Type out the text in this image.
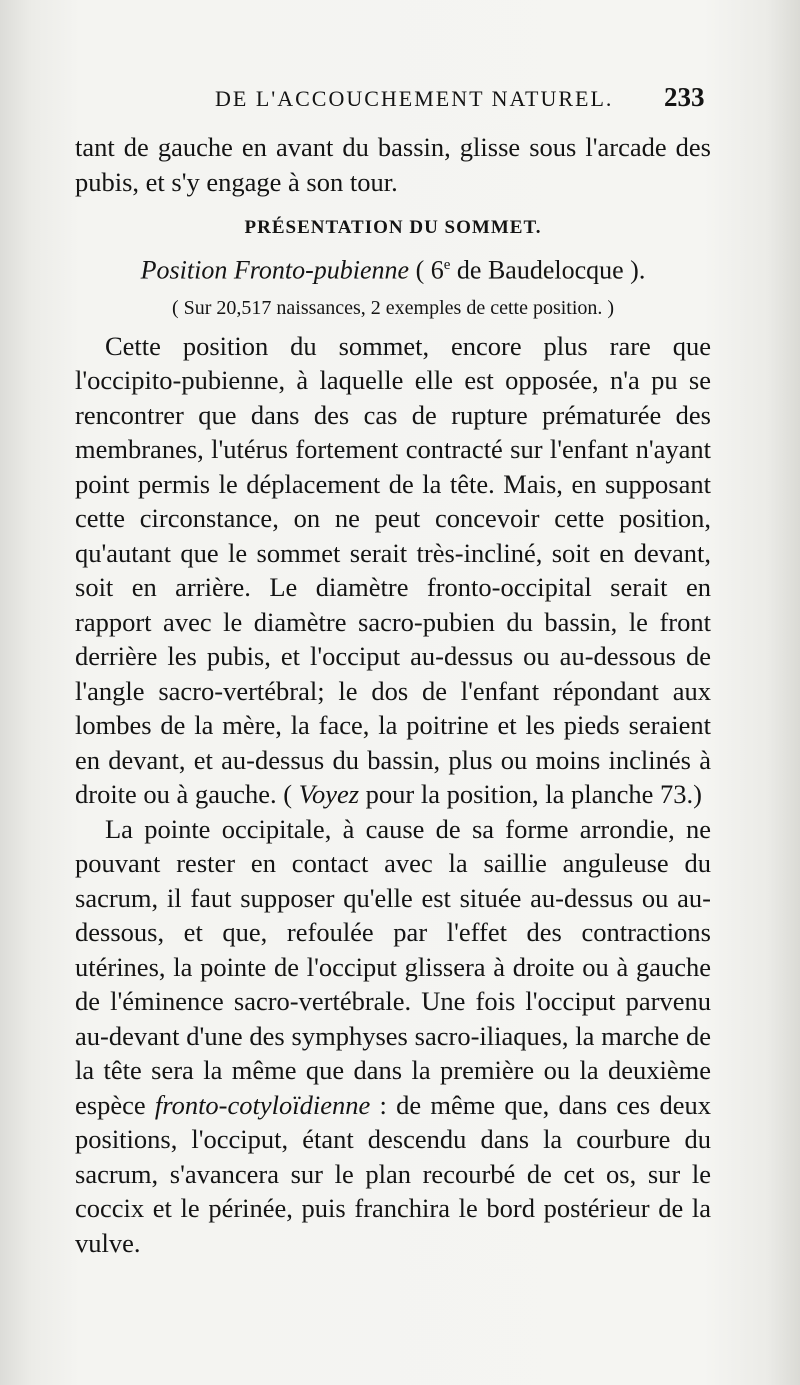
DE L'ACCOUCHEMENT NATUREL. 233

tant de gauche en avant du bassin, glisse sous l'arcade des pubis, et s'y engage à son tour.

PRÉSENTATION DU SOMMET.
Position Fronto-pubienne ( 6e de Baudelocque ).
( Sur 20,517 naissances, 2 exemples de cette position. )

Cette position du sommet, encore plus rare que l'occipito-pubienne, à laquelle elle est opposée, n'a pu se rencontrer que dans des cas de rupture prématurée des membranes, l'utérus fortement contracté sur l'enfant n'ayant point permis le déplacement de la tête. Mais, en supposant cette circonstance, on ne peut concevoir cette position, qu'autant que le sommet serait très-incliné, soit en devant, soit en arrière. Le diamètre fronto-occipital serait en rapport avec le diamètre sacro-pubien du bassin, le front derrière les pubis, et l'occiput au-dessus ou au-dessous de l'angle sacro-vertébral; le dos de l'enfant répondant aux lombes de la mère, la face, la poitrine et les pieds seraient en devant, et au-dessus du bassin, plus ou moins inclinés à droite ou à gauche. ( Voyez pour la position, la planche 73.)

La pointe occipitale, à cause de sa forme arrondie, ne pouvant rester en contact avec la saillie anguleuse du sacrum, il faut supposer qu'elle est située au-dessus ou au-dessous, et que, refoulée par l'effet des contractions utérines, la pointe de l'occiput glissera à droite ou à gauche de l'éminence sacro-vertébrale. Une fois l'occiput parvenu au-devant d'une des symphyses sacro-iliaques, la marche de la tête sera la même que dans la première ou la deuxième espèce fronto-cotyloïdienne : de même que, dans ces deux positions, l'occiput, étant descendu dans la courbure du sacrum, s'avancera sur le plan recourbé de cet os, sur le coccix et le périnée, puis franchira le bord postérieur de la vulve.
